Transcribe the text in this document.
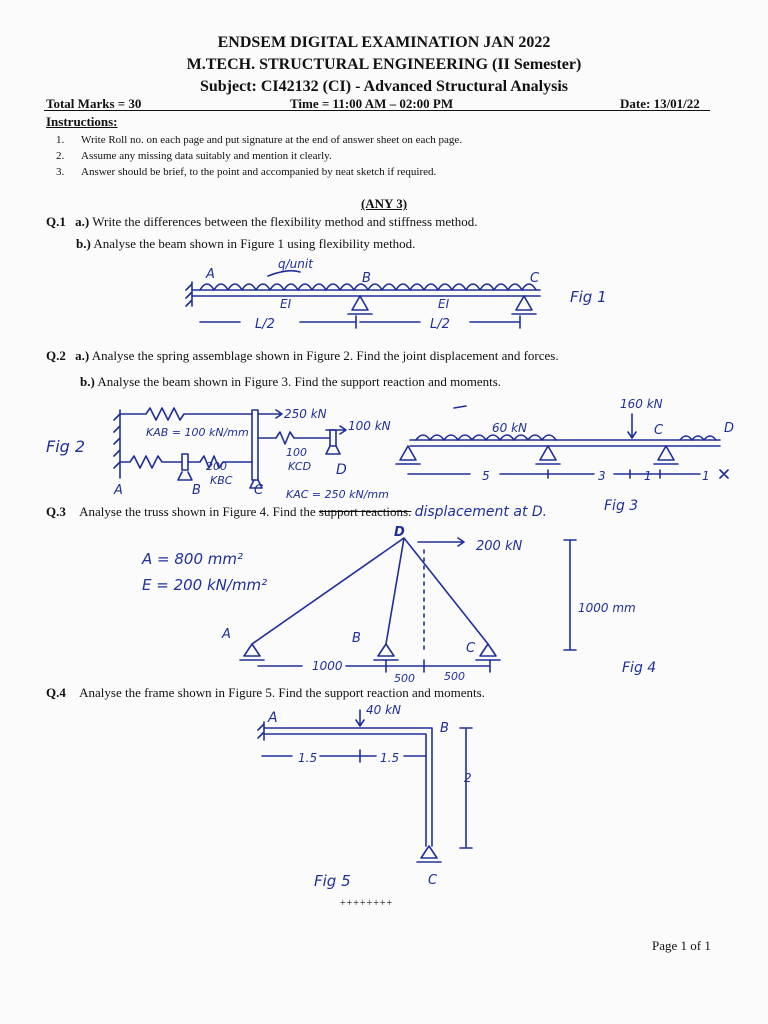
ENDSEM DIGITAL EXAMINATION JAN 2022
M.TECH. STRUCTURAL ENGINEERING (II Semester)
Subject: CI42132 (CI) - Advanced Structural Analysis
Total Marks = 30	Time = 11:00 AM – 02:00 PM	Date: 13/01/22
Instructions:
1. Write Roll no. on each page and put signature at the end of answer sheet on each page.
2. Assume any missing data suitably and mention it clearly.
3. Answer should be brief, to the point and accompanied by neat sketch if required.
(ANY 3)
Q.1 a.) Write the differences between the flexibility method and stiffness method.
b.) Analyse the beam shown in Figure 1 using flexibility method.
A
q/unit
B	C
EI	EI
L/2	L/2
Fig 1
Q.2 a.) Analyse the spring assemblage shown in Figure 2. Find the joint displacement and forces.
b.) Analyse the beam shown in Figure 3. Find the support reaction and moments.
Fig 2
250 kN
100 kN
KAB = 100 kN/mm
200
KBC
100
KCD
KAC = 250 kN/mm
A	B	C
D
60 kN
160 kN
C	D
5	3	1	1
Fig 3
Q.3 Analyse the truss shown in Figure 4. Find the support reactions. displacement at D.
A = 800 mm²
E = 200 kN/mm²
D
200 kN
1000 mm
A	B
C
1000
500	500
Fig 4
Q.4 Analyse the frame shown in Figure 5. Find the support reaction and moments.
A	40 kN
B
C
1.5	1.5
2
Fig 5
++++++++
Page 1 of 1
